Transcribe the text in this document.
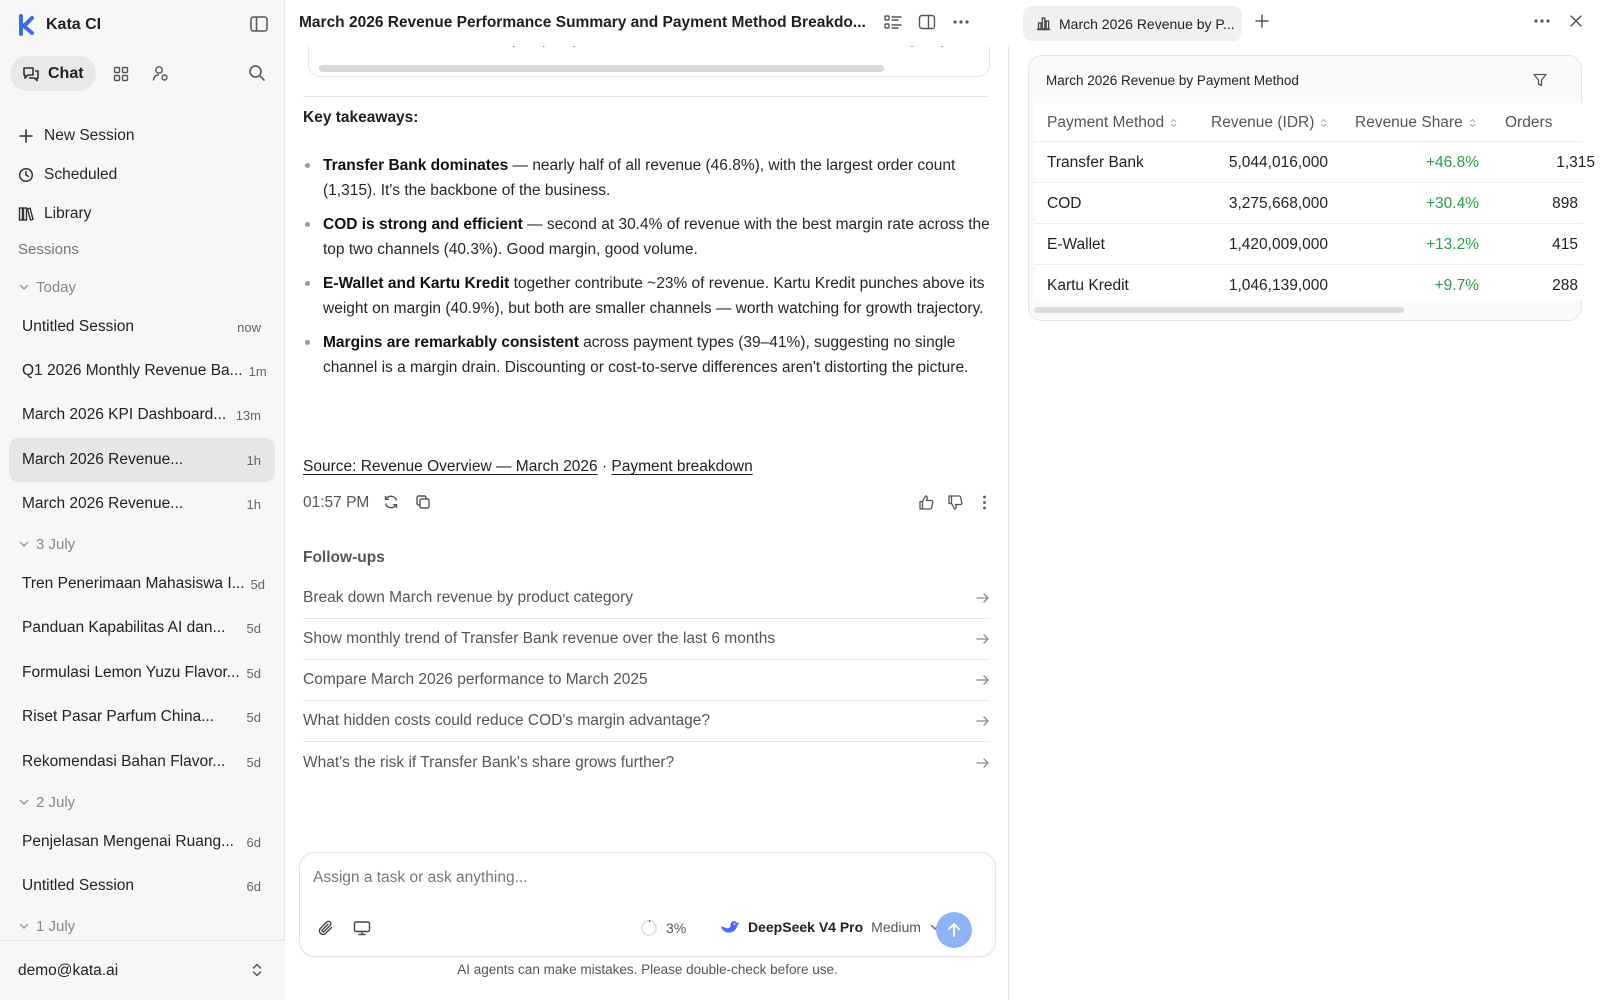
Kata CI
Chat
New Session
Scheduled
Library
Sessions
Today
Untitled Session	now
Q1 2026 Monthly Revenue Ba... 1m
March 2026 KPI Dashboard... 13m
March 2026 Revenue...	1h
March 2026 Revenue...	1h
3 July
Tren Penerimaan Mahasiswa I... 5d
Panduan Kapabilitas AI dan...	5d
Formulasi Lemon Yuzu Flavor... 5d
Riset Pasar Parfum China...	5d
Rekomendasi Bahan Flavor...	5d
2 July
Penjelasan Mengenai Ruang... 6d
Untitled Session	6d
1 July
demo@kata.ai
March 2026 Revenue Performance Summary and Payment Method Breakdo...
Key takeaways:
Transfer Bank dominates — nearly half of all revenue (46.8%), with the largest order count (1,315). It's the backbone of the business.
COD is strong and efficient — second at 30.4% of revenue with the best margin rate across the top two channels (40.3%). Good margin, good volume.
E-Wallet and Kartu Kredit together contribute ~23% of revenue. Kartu Kredit punches above its weight on margin (40.9%), but both are smaller channels — worth watching for growth trajectory.
Margins are remarkably consistent across payment types (39–41%), suggesting no single channel is a margin drain. Discounting or cost-to-serve differences aren't distorting the picture.
Source: Revenue Overview — March 2026 · Payment breakdown
01:57 PM
Follow-ups
Break down March revenue by product category
Show monthly trend of Transfer Bank revenue over the last 6 months
Compare March 2026 performance to March 2025
What hidden costs could reduce COD's margin advantage?
What's the risk if Transfer Bank's share grows further?
Assign a task or ask anything...
3%	DeepSeek V4 Pro Medium
AI agents can make mistakes. Please double-check before use.
March 2026 Revenue by P...
March 2026 Revenue by Payment Method
Payment Method	Revenue (IDR)	Revenue Share	Orders
Transfer Bank	5,044,016,000	+46.8%	1,315
COD	3,275,668,000	+30.4%	898
E-Wallet	1,420,009,000	+13.2%	415
Kartu Kredit	1,046,139,000	+9.7%	288
